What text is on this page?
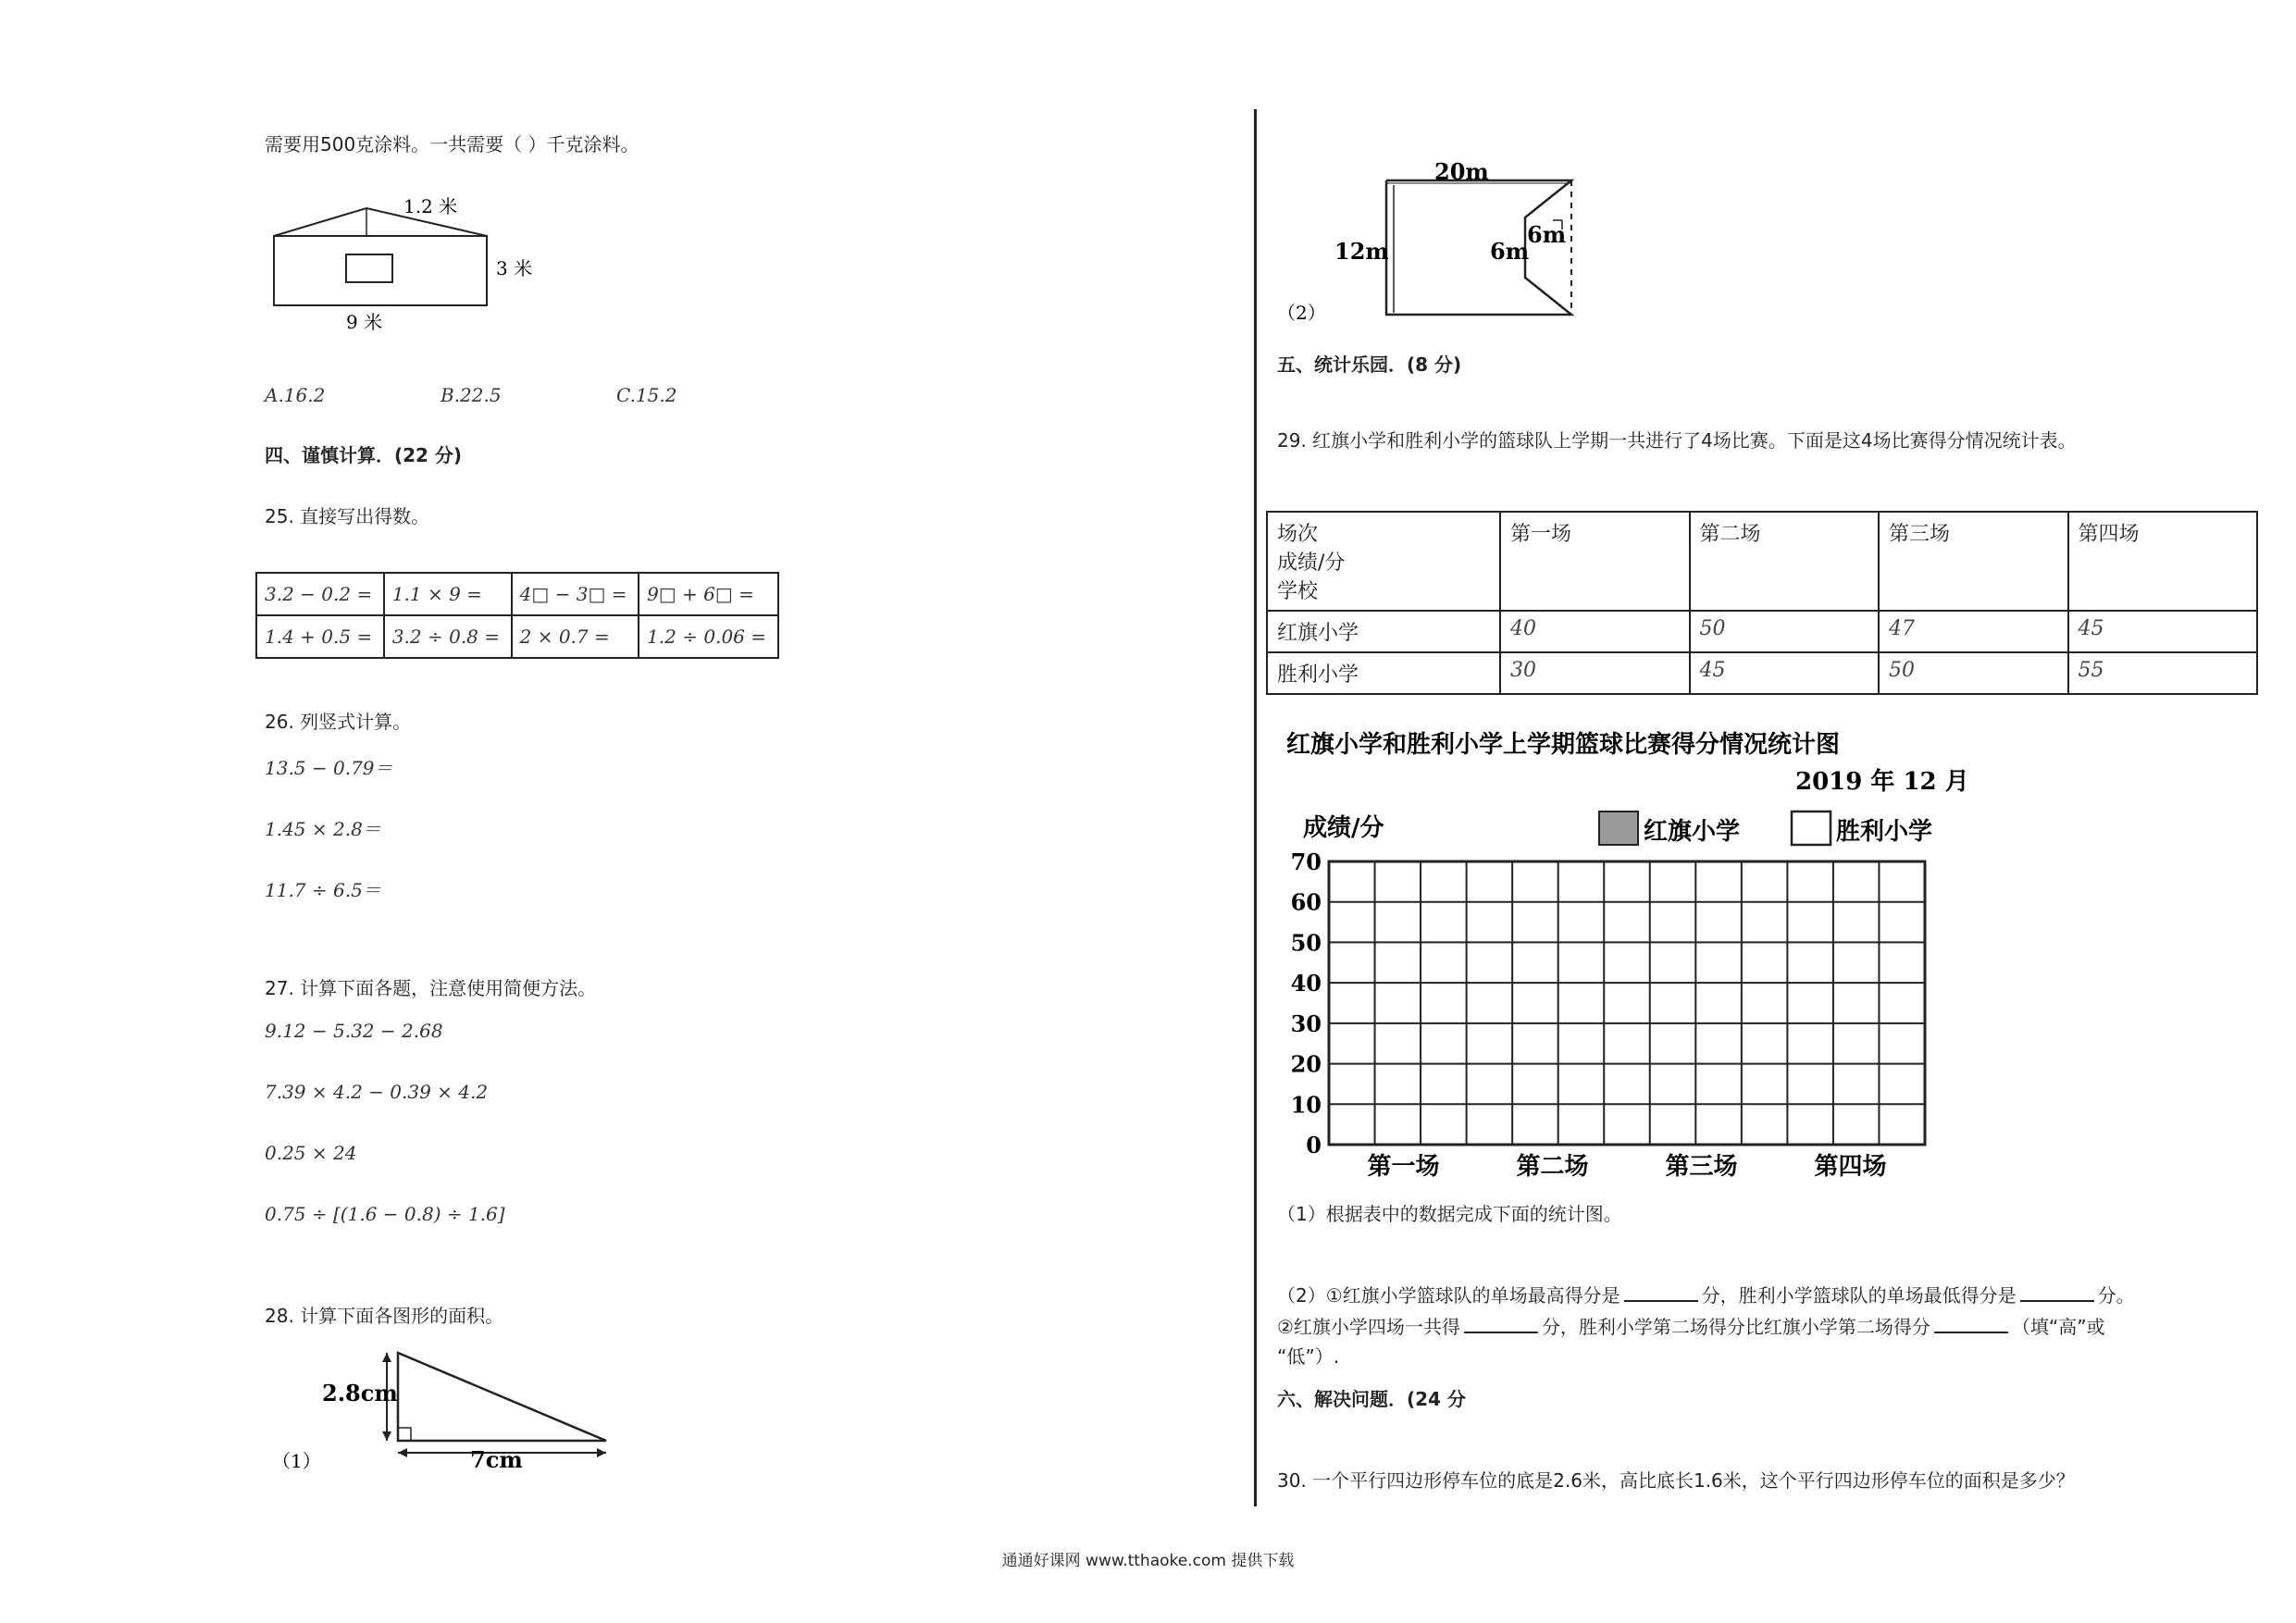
需要用500克涂料。一共需要（ ）千克涂料。
1.2 米
3 米
9 米
A.16.2	B.22.5	C.15.2
四、谨慎计算．(22 分)
25. 直接写出得数。
3.2 − 0.2 =	1.1 × 9 =	4□ − 3□ =	9□ + 6□ =
1.4 + 0.5 =	3.2 ÷ 0.8 =	2 × 0.7 =	1.2 ÷ 0.06 =
26. 列竖式计算。
13.5 − 0.79＝
1.45 × 2.8＝
11.7 ÷ 6.5＝
27. 计算下面各题，注意使用简便方法。
9.12 − 5.32 − 2.68
7.39 × 4.2 − 0.39 × 4.2
0.25 × 24
0.75 ÷ [(1.6 − 0.8) ÷ 1.6]
28. 计算下面各图形的面积。
2.8cm
7cm
（1）
20m
12m	6m
6m
（2）
五、统计乐园．(8 分)
29. 红旗小学和胜利小学的篮球队上学期一共进行了4场比赛。下面是这4场比赛得分情况统计表。
场次
成绩/分
学校	第一场	第二场	第三场	第四场
红旗小学	40	50	47	45
胜利小学	30	45	50	55
红旗小学和胜利小学上学期篮球比赛得分情况统计图
2019 年 12 月
成绩/分	红旗小学	胜利小学
0
10
20
30
40
50
60
70
第一场	第二场	第三场	第四场
（1）根据表中的数据完成下面的统计图。
（2）①红旗小学篮球队的单场最高得分是	分，胜利小学篮球队的单场最低得分是	分。
②红旗小学四场一共得	分，胜利小学第二场得分比红旗小学第二场得分	（填“高”或
“低”）.
六、解决问题．(24 分
30. 一个平行四边形停车位的底是2.6米，高比底长1.6米，这个平行四边形停车位的面积是多少？
通通好课网 www.tthaoke.com 提供下载
